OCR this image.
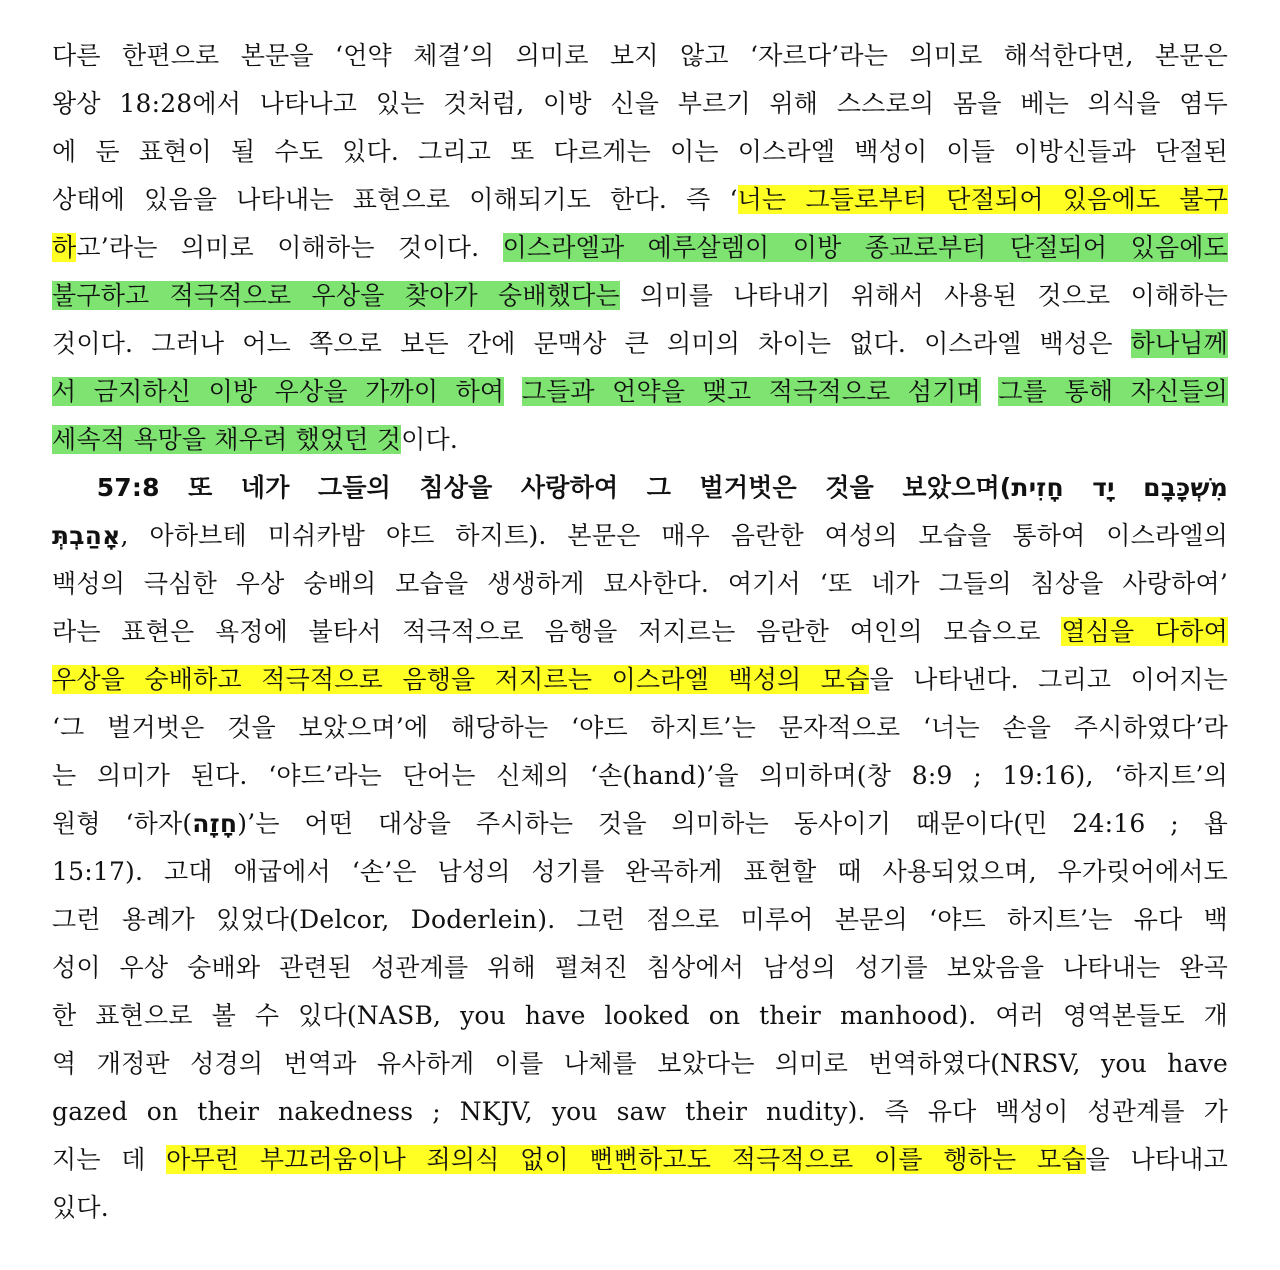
다른 한편으로 본문을 ‘언약 체결’의 의미로 보지 않고 ‘자르다’라는 의미로 해석한다면, 본문은
왕상 18:28에서 나타나고 있는 것처럼, 이방 신을 부르기 위해 스스로의 몸을 베는 의식을 염두
에 둔 표현이 될 수도 있다. 그리고 또 다르게는 이는 이스라엘 백성이 이들 이방신들과 단절된
상태에 있음을 나타내는 표현으로 이해되기도 한다. 즉 ‘너는 그들로부터 단절되어 있음에도 불구
하고’라는 의미로 이해하는 것이다. 이스라엘과 예루살렘이 이방 종교로부터 단절되어 있음에도
불구하고 적극적으로 우상을 찾아가 숭배했다는 의미를 나타내기 위해서 사용된 것으로 이해하는
것이다. 그러나 어느 쪽으로 보든 간에 문맥상 큰 의미의 차이는 없다. 이스라엘 백성은 하나님께
서 금지하신 이방 우상을 가까이 하여 그들과 언약을 맺고 적극적으로 섬기며 그를 통해 자신들의
세속적 욕망을 채우려 했었던 것이다.
　57:8 또 네가 그들의 침상을 사랑하여 그 벌거벗은 것을 보았으며(מִשְׁכָּבָם יָד חָזִית
אָהַבְתְּ, 아하브테 미쉬카밤 야드 하지트). 본문은 매우 음란한 여성의 모습을 통하여 이스라엘의
백성의 극심한 우상 숭배의 모습을 생생하게 묘사한다. 여기서 ‘또 네가 그들의 침상을 사랑하여’
라는 표현은 욕정에 불타서 적극적으로 음행을 저지르는 음란한 여인의 모습으로 열심을 다하여
우상을 숭배하고 적극적으로 음행을 저지르는 이스라엘 백성의 모습을 나타낸다. 그리고 이어지는
‘그 벌거벗은 것을 보았으며’에 해당하는 ‘야드 하지트’는 문자적으로 ‘너는 손을 주시하였다’라
는 의미가 된다. ‘야드’라는 단어는 신체의 ‘손(hand)’을 의미하며(창 8:9 ; 19:16), ‘하지트’의
원형 ‘하자(חָזָה)’는 어떤 대상을 주시하는 것을 의미하는 동사이기 때문이다(민 24:16 ; 욥
15:17). 고대 애굽에서 ‘손’은 남성의 성기를 완곡하게 표현할 때 사용되었으며, 우가릿어에서도
그런 용례가 있었다(Delcor, Doderlein). 그런 점으로 미루어 본문의 ‘야드 하지트’는 유다 백
성이 우상 숭배와 관련된 성관계를 위해 펼쳐진 침상에서 남성의 성기를 보았음을 나타내는 완곡
한 표현으로 볼 수 있다(NASB, you have looked on their manhood). 여러 영역본들도 개
역 개정판 성경의 번역과 유사하게 이를 나체를 보았다는 의미로 번역하였다(NRSV, you have
gazed on their nakedness ; NKJV, you saw their nudity). 즉 유다 백성이 성관계를 가
지는 데 아무런 부끄러움이나 죄의식 없이 뻔뻔하고도 적극적으로 이를 행하는 모습을 나타내고
있다.
